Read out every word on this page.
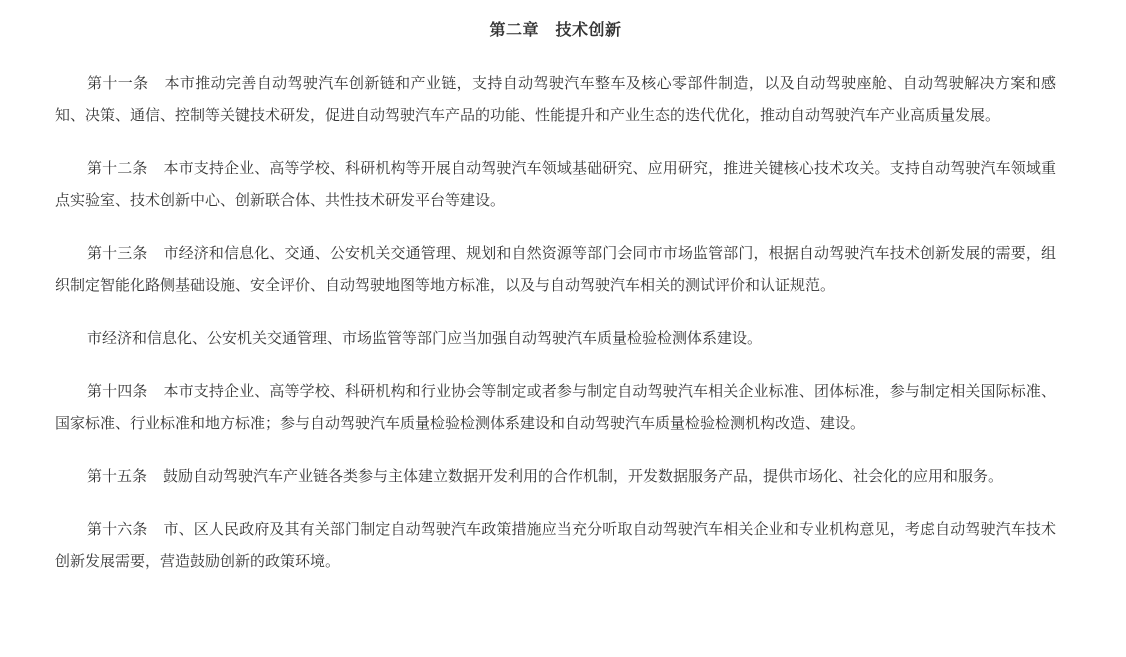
第二章　技术创新

第十一条 本市推动完善自动驾驶汽车创新链和产业链，支持自动驾驶汽车整车及核心零部件制造，以及自动驾驶座舱、自动驾驶解决方案和感知、决策、通信、控制等关键技术研发，促进自动驾驶汽车产品的功能、性能提升和产业生态的迭代优化，推动自动驾驶汽车产业高质量发展。

第十二条 本市支持企业、高等学校、科研机构等开展自动驾驶汽车领域基础研究、应用研究，推进关键核心技术攻关。支持自动驾驶汽车领域重点实验室、技术创新中心、创新联合体、共性技术研发平台等建设。

第十三条 市经济和信息化、交通、公安机关交通管理、规划和自然资源等部门会同市市场监管部门，根据自动驾驶汽车技术创新发展的需要，组织制定智能化路侧基础设施、安全评价、自动驾驶地图等地方标准，以及与自动驾驶汽车相关的测试评价和认证规范。

市经济和信息化、公安机关交通管理、市场监管等部门应当加强自动驾驶汽车质量检验检测体系建设。

第十四条 本市支持企业、高等学校、科研机构和行业协会等制定或者参与制定自动驾驶汽车相关企业标准、团体标准，参与制定相关国际标准、国家标准、行业标准和地方标准；参与自动驾驶汽车质量检验检测体系建设和自动驾驶汽车质量检验检测机构改造、建设。

第十五条 鼓励自动驾驶汽车产业链各类参与主体建立数据开发利用的合作机制，开发数据服务产品，提供市场化、社会化的应用和服务。

第十六条 市、区人民政府及其有关部门制定自动驾驶汽车政策措施应当充分听取自动驾驶汽车相关企业和专业机构意见，考虑自动驾驶汽车技术创新发展需要，营造鼓励创新的政策环境。
